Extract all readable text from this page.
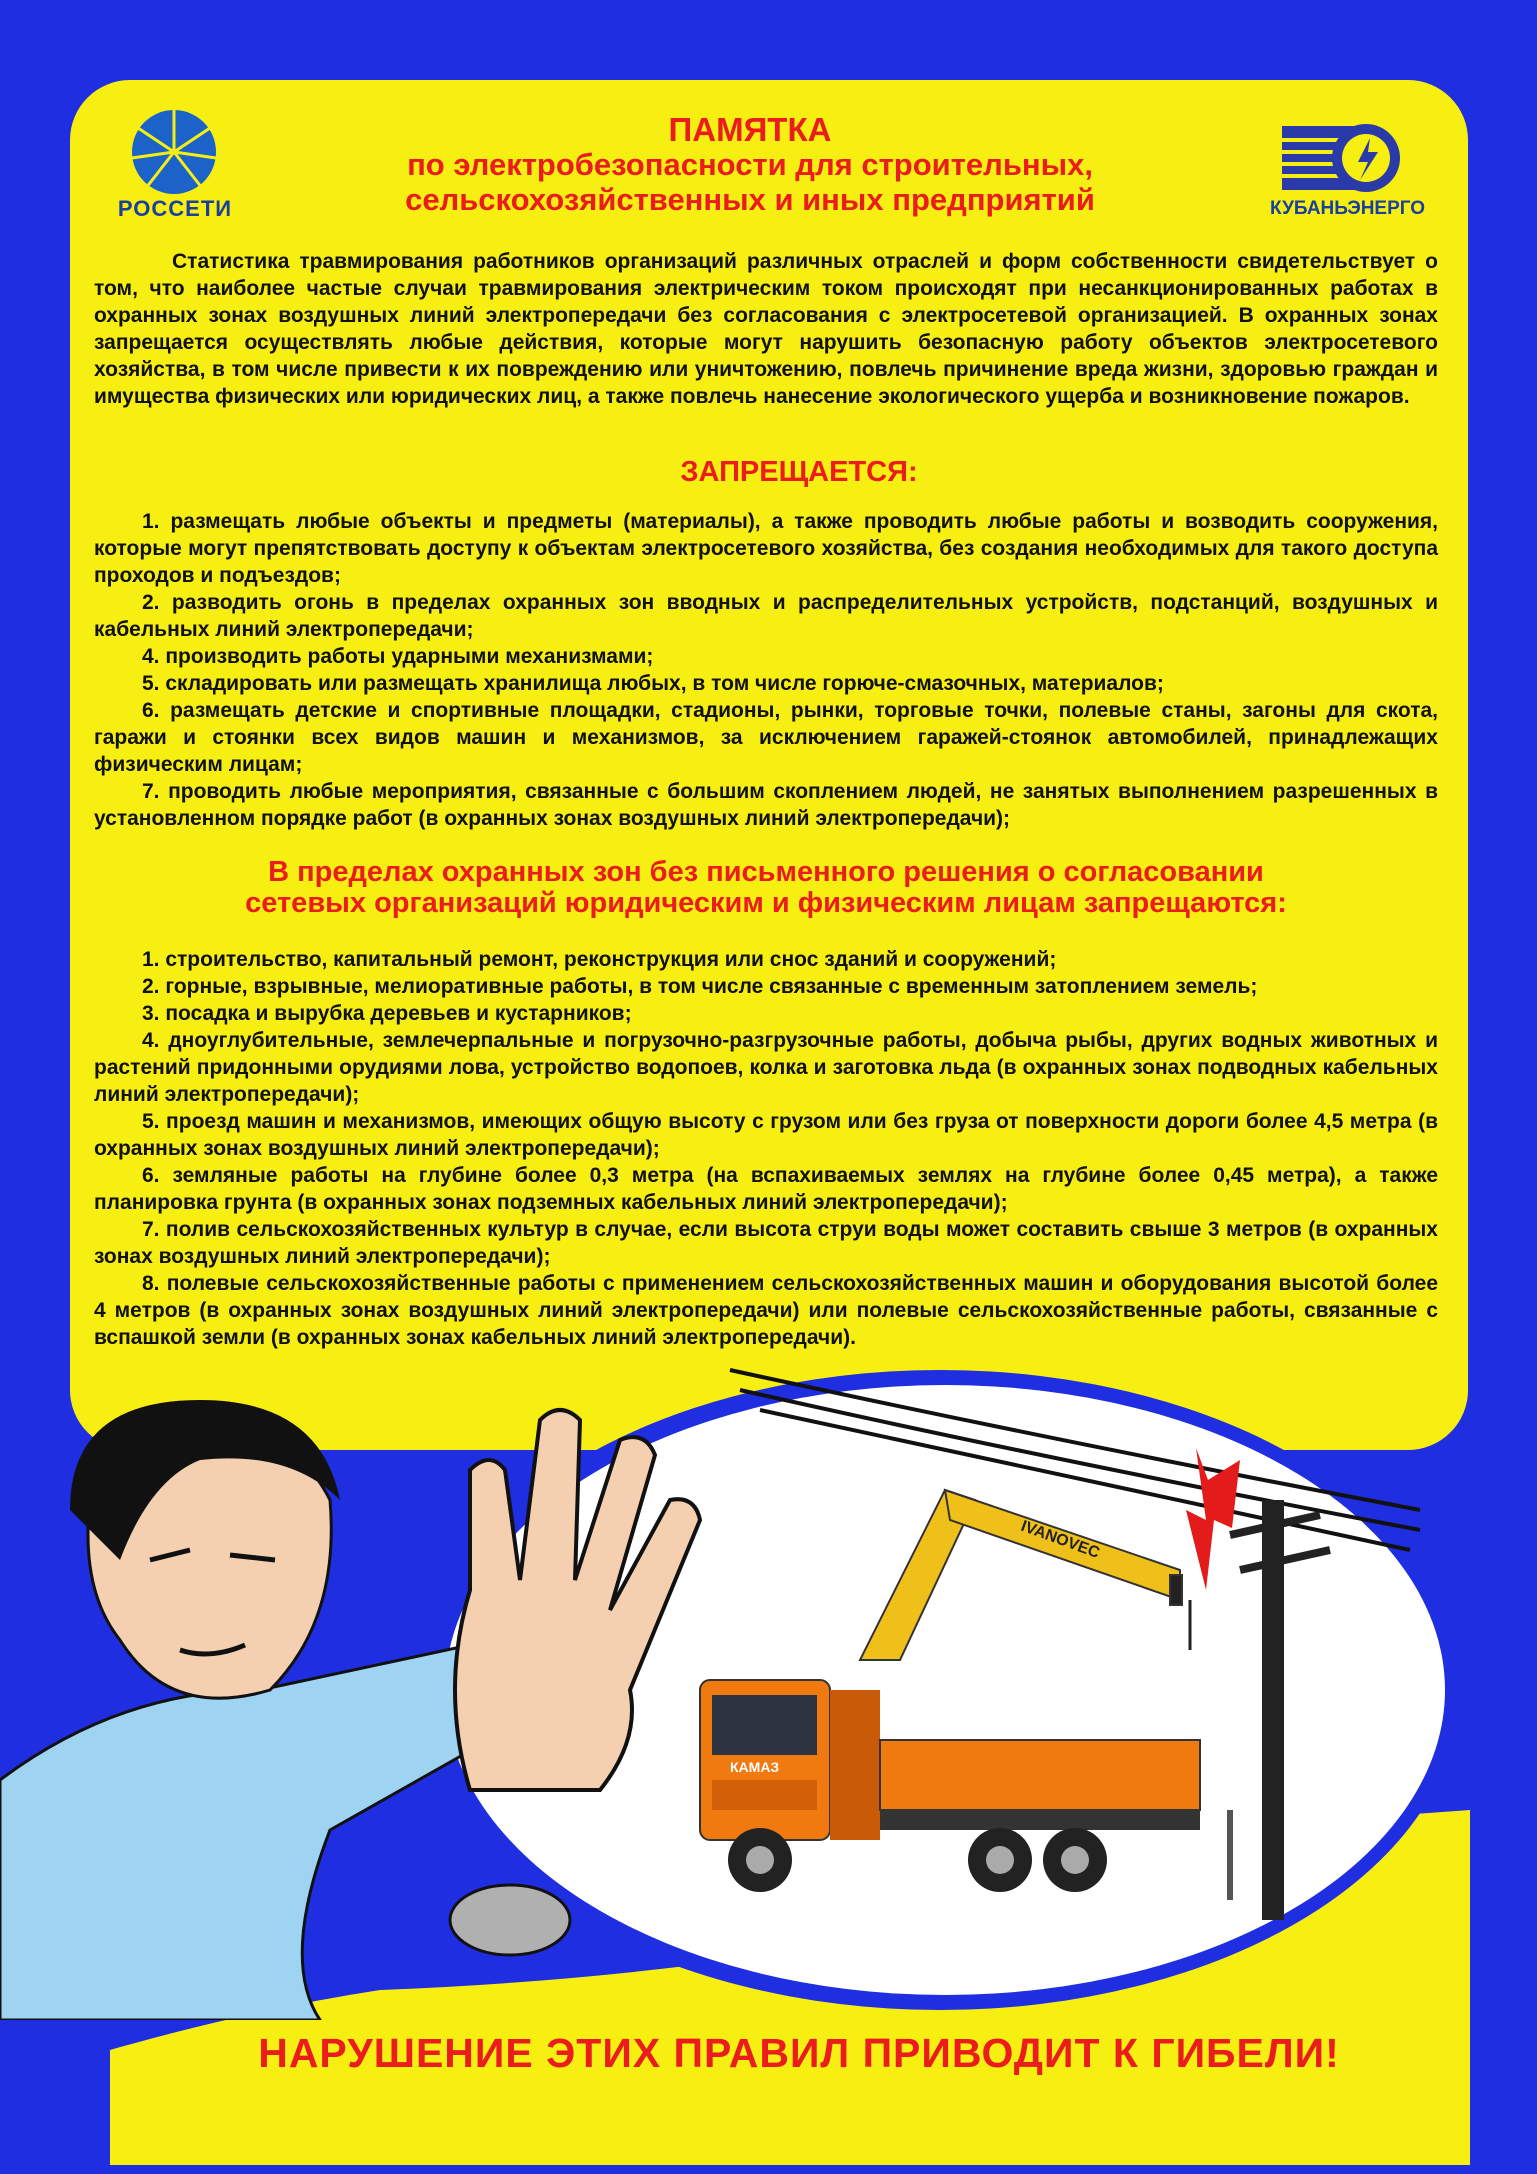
РОССЕТИ	КУБАНЬЭНЕРГО
ПАМЯТКА
по электробезопасности для строительных,
сельскохозяйственных и иных предприятий

Статистика травмирования работников организаций различных отраслей и форм собственности свидетельствует о том, что наиболее частые случаи травмирования электрическим током происходят при несанкционированных работах в охранных зонах воздушных линий электропередачи без согласования с электросетевой организацией. В охранных зонах запрещается осуществлять любые действия, которые могут нарушить безопасную работу объектов электросетевого хозяйства, в том числе привести к их повреждению или уничтожению, повлечь причинение вреда жизни, здоровью граждан и имущества физических или юридических лиц, а также повлечь нанесение экологического ущерба и возникновение пожаров.

ЗАПРЕЩАЕТСЯ:

1. размещать любые объекты и предметы (материалы), а также проводить любые работы и возводить сооружения, которые могут препятствовать доступу к объектам электросетевого хозяйства, без создания необходимых для такого доступа проходов и подъездов;

2. разводить огонь в пределах охранных зон вводных и распределительных устройств, подстанций, воздушных и кабельных линий электропередачи;

4. производить работы ударными механизмами;

5. складировать или размещать хранилища любых, в том числе горюче-смазочных, материалов;

6. размещать детские и спортивные площадки, стадионы, рынки, торговые точки, полевые станы, загоны для скота, гаражи и стоянки всех видов машин и механизмов, за исключением гаражей-стоянок автомобилей, принадлежащих физическим лицам;

7. проводить любые мероприятия, связанные с большим скоплением людей, не занятых выполнением разрешенных в установленном порядке работ (в охранных зонах воздушных линий электропередачи);

В пределах охранных зон без письменного решения о согласовании
сетевых организаций юридическим и физическим лицам запрещаются:

1. строительство, капитальный ремонт, реконструкция или снос зданий и сооружений;

2. горные, взрывные, мелиоративные работы, в том числе связанные с временным затоплением земель;

3. посадка и вырубка деревьев и кустарников;

4. дноуглубительные, землечерпальные и погрузочно-разгрузочные работы, добыча рыбы, других водных животных и растений придонными орудиями лова, устройство водопоев, колка и заготовка льда (в охранных зонах подводных кабельных линий электропередачи);

5. проезд машин и механизмов, имеющих общую высоту с грузом или без груза от поверхности дороги более 4,5 метра (в охранных зонах воздушных линий электропередачи);

6. земляные работы на глубине более 0,3 метра (на вспахиваемых землях на глубине более 0,45 метра), а также планировка грунта (в охранных зонах подземных кабельных линий электропередачи);

7. полив сельскохозяйственных культур в случае, если высота струи воды может составить свыше 3 метров (в охранных зонах воздушных линий электропередачи);

8. полевые сельскохозяйственные работы с применением сельскохозяйственных машин и оборудования высотой более 4 метров (в охранных зонах воздушных линий электропередачи) или полевые сельскохозяйственные работы, связанные с вспашкой земли (в охранных зонах кабельных линий электропередачи).

IVANOVEC
КАМАЗ
НАРУШЕНИЕ ЭТИХ ПРАВИЛ ПРИВОДИТ К ГИБЕЛИ!
